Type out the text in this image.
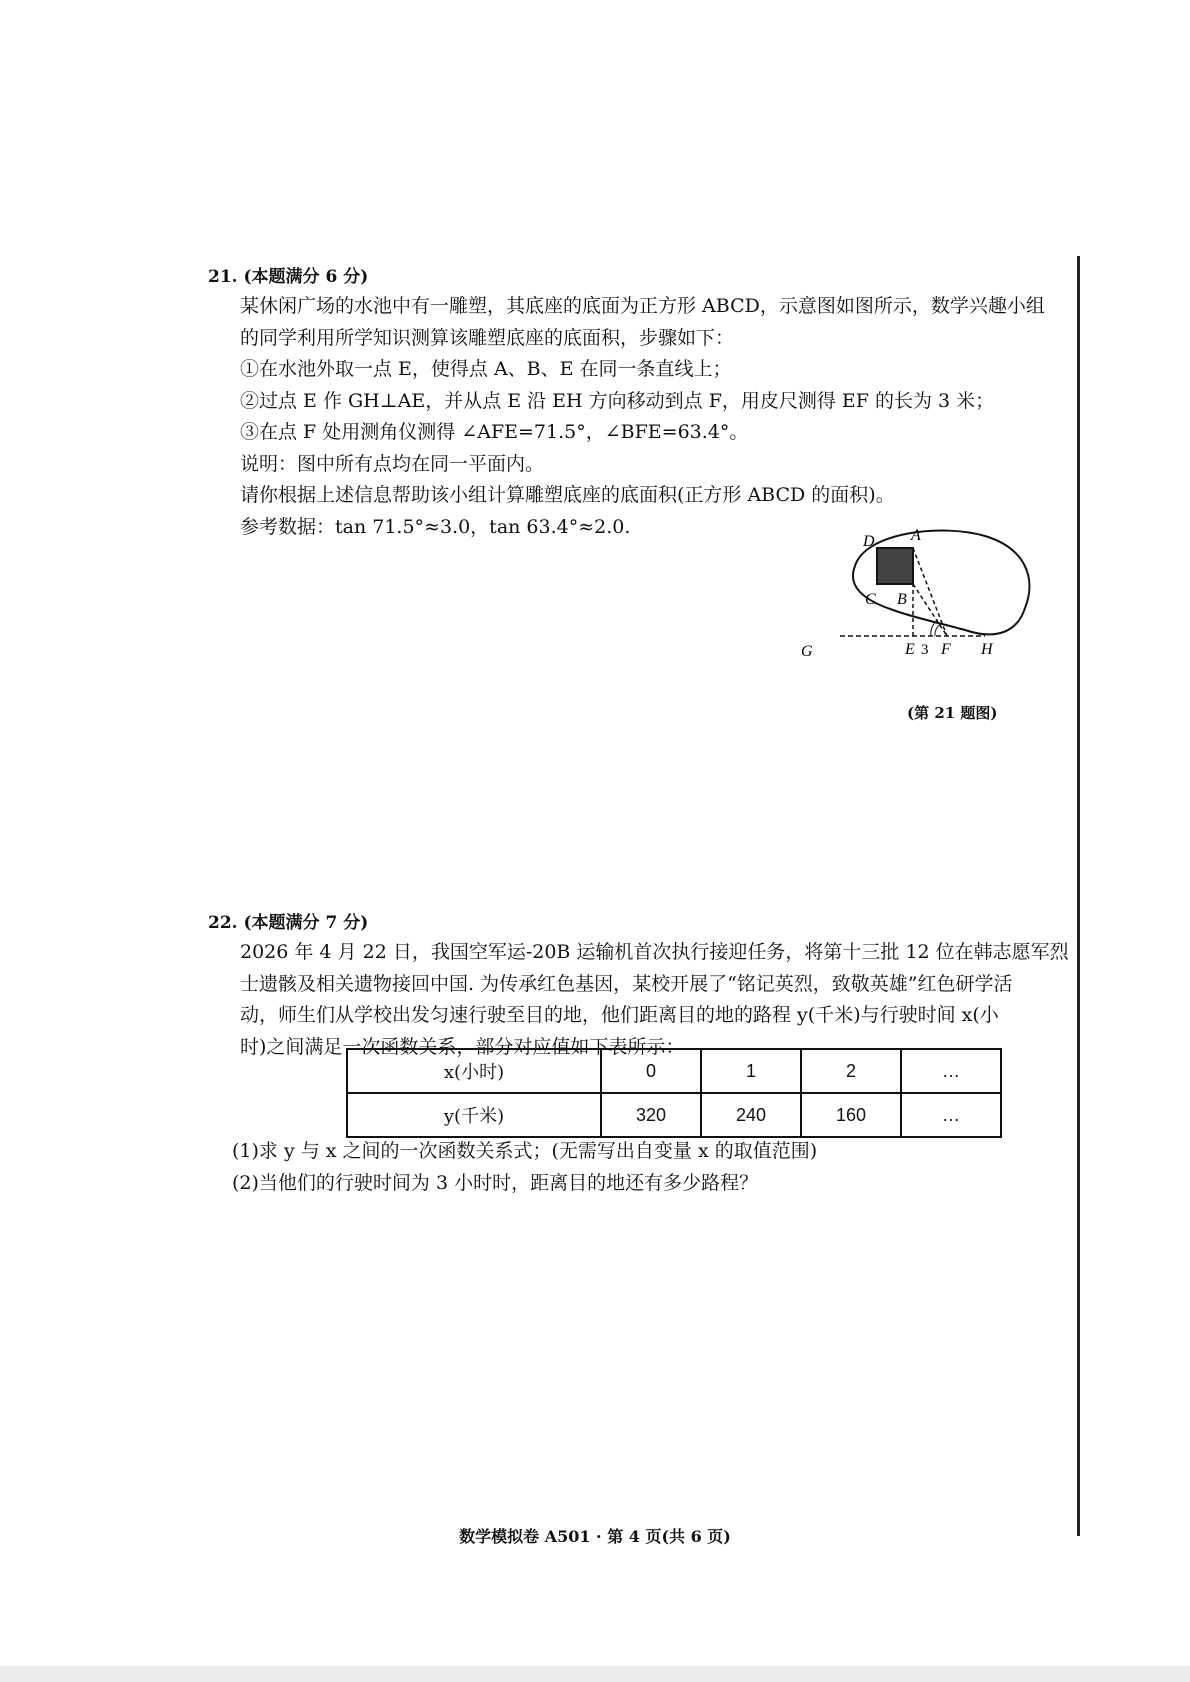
21. (本题满分 6 分)
某休闲广场的水池中有一雕塑，其底座的底面为正方形 ABCD，示意图如图所示，数学兴趣小组
的同学利用所学知识测算该雕塑底座的底面积，步骤如下：
①在水池外取一点 E，使得点 A、B、E 在同一条直线上；
②过点 E 作 GH⊥AE，并从点 E 沿 EH 方向移动到点 F，用皮尺测得 EF 的长为 3 米；
③在点 F 处用测角仪测得 ∠AFE=71.5°，∠BFE=63.4°。
说明：图中所有点均在同一平面内。
请你根据上述信息帮助该小组计算雕塑底座的底面积(正方形 ABCD 的面积)。
参考数据：tan 71.5°≈3.0，tan 63.4°≈2.0.
D A
C B
G	E 3 F H
(第 21 题图)
22. (本题满分 7 分)
2026 年 4 月 22 日，我国空军运-20B 运输机首次执行接迎任务，将第十三批 12 位在韩志愿军烈
士遗骸及相关遗物接回中国. 为传承红色基因，某校开展了“铭记英烈，致敬英雄”红色研学活
动，师生们从学校出发匀速行驶至目的地，他们距离目的地的路程 y(千米)与行驶时间 x(小
时)之间满足一次函数关系，部分对应值如下表所示：
x(小时)	0	1	2	…
y(千米)	320	240	160	…
(1)求 y 与 x 之间的一次函数关系式；(无需写出自变量 x 的取值范围)
(2)当他们的行驶时间为 3 小时时，距离目的地还有多少路程？
数学模拟卷 A501 · 第 4 页(共 6 页)
